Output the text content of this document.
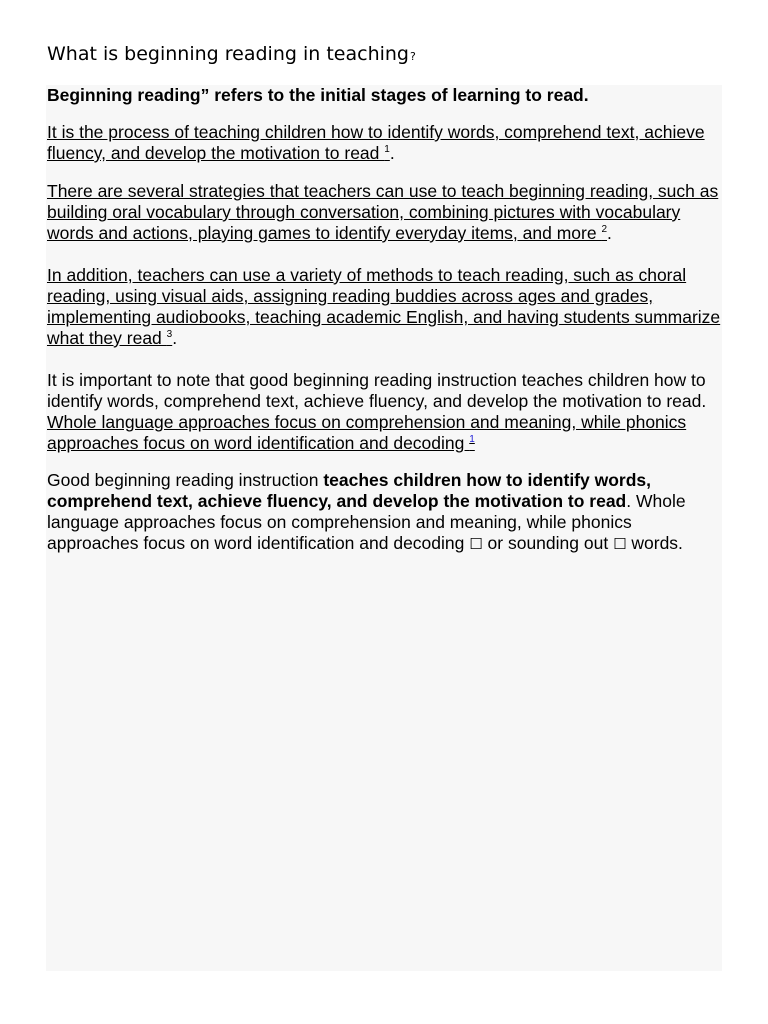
What is beginning reading in teaching?

Beginning reading” refers to the initial stages of learning to read.

It is the process of teaching children how to identify words, comprehend text, achieve fluency, and develop the motivation to read $^1$.

There are several strategies that teachers can use to teach beginning reading, such as building oral vocabulary through conversation, combining pictures with vocabulary words and actions, playing games to identify everyday items, and more $^2$.

In addition, teachers can use a variety of methods to teach reading, such as choral reading, using visual aids, assigning reading buddies across ages and grades, implementing audiobooks, teaching academic English, and having students summarize what they read $^3$.

It is important to note that good beginning reading instruction teaches children how to identify words, comprehend text, achieve fluency, and develop the motivation to read. Whole language approaches focus on comprehension and meaning, while phonics approaches focus on word identification and decoding $^1$

Good beginning reading instruction teaches children how to identify words, comprehend text, achieve fluency, and develop the motivation to read. Whole language approaches focus on comprehension and meaning, while phonics approaches focus on word identification and decoding ☐ or sounding out ☐ words.
